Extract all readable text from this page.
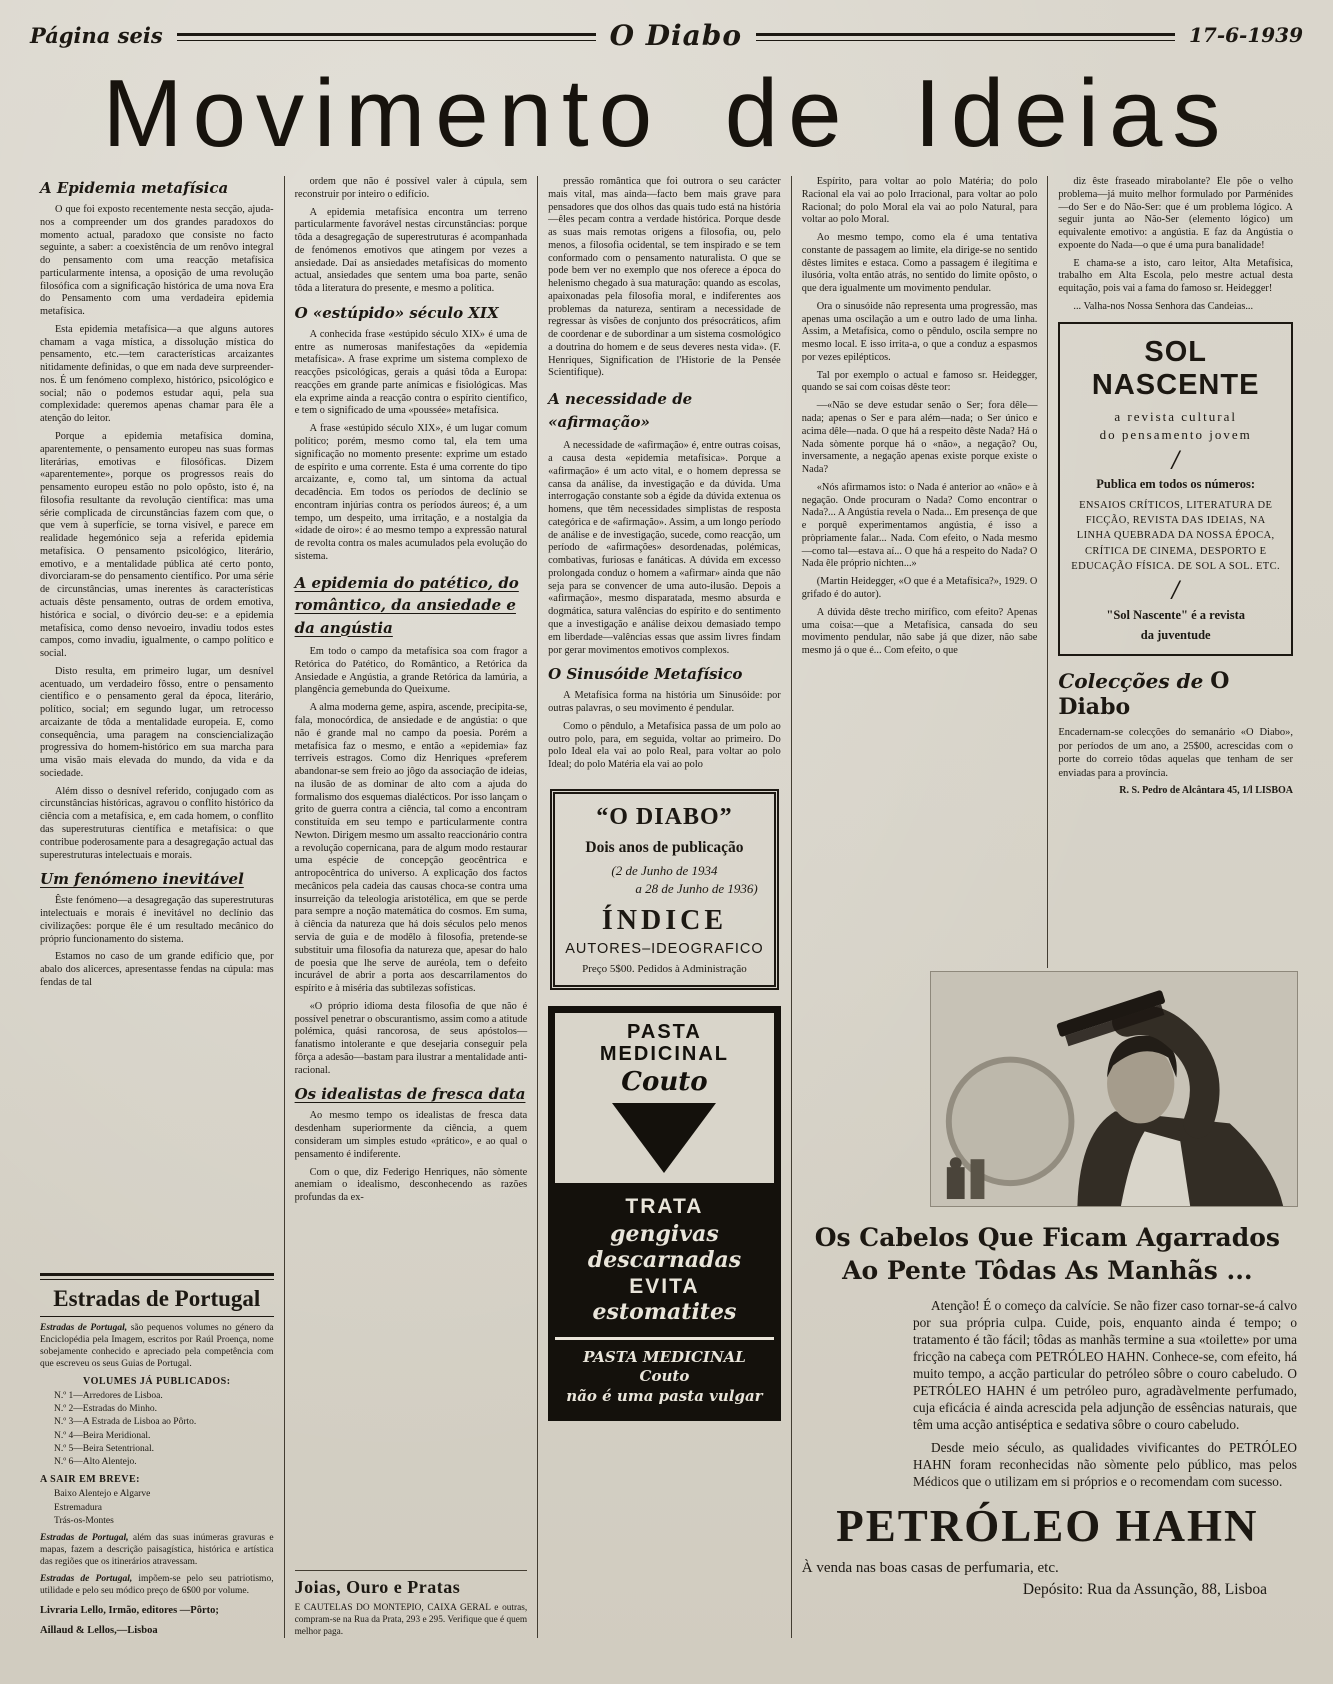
Página seis	O Diabo	17-6-1939
Movimento de Ideias
A Epidemia metafísica

O que foi exposto recentemente nesta secção, ajuda-nos a compreender um dos grandes paradoxos do momento actual, paradoxo que consiste no facto seguinte, a saber: a coexistência de um renôvo integral do pensamento com uma reacção metafísica particularmente intensa, a oposição de uma revolução filosófica com a significação histórica de uma nova Era do Pensamento com uma verdadeira epidemia metafísica.

Esta epidemia metafísica—a que alguns autores chamam a vaga mística, a dissolução mística do pensamento, etc.—tem características arcaizantes nìtidamente definidas, o que em nada deve surpreender-nos. É um fenómeno complexo, histórico, psicológico e social; não o podemos estudar aqui, pela sua complexidade: queremos apenas chamar para êle a atenção do leitor.

Porque a epidemia metafísica domina, aparentemente, o pensamento europeu nas suas formas literárias, emotivas e filosóficas. Dizem «aparentemente», porque os progressos reais do pensamento europeu estão no polo opôsto, isto é, na filosofia resultante da revolução científica: mas uma série complicada de circunstâncias fazem com que, o que vem à superfície, se torna visível, e parece em realidade hegemónico seja a referida epidemia metafísica. O pensamento psicológico, literário, emotivo, e a mentalidade pública até certo ponto, divorciaram-se do pensamento científico. Por uma série de circunstâncias, umas inerentes às características actuais dêste pensamento, outras de ordem emotiva, histórica e social, o divórcio deu-se: e a epidemia metafísica, como denso nevoeiro, invadiu todos estes campos, como invadiu, igualmente, o campo político e social.

Disto resulta, em primeiro lugar, um desnível acentuado, um verdadeiro fôsso, entre o pensamento científico e o pensamento geral da época, literário, político, social; em segundo lugar, um retrocesso arcaizante de tôda a mentalidade europeia. E, como consequência, uma paragem na consciencialização progressiva do homem-histórico em sua marcha para uma visão mais elevada do mundo, da vida e da sociedade.

Além disso o desnível referido, conjugado com as circunstâncias históricas, agravou o conflito histórico da ciência com a metafísica, e, em cada homem, o conflito das superestruturas científica e metafísica: o que contribue poderosamente para a desagregação actual das superestruturas intelectuais e morais.

Um fenómeno inevitável

Êste fenómeno—a desagregação das superestruturas intelectuais e morais é inevitável no declínio das civilizações: porque êle é um resultado mecânico do próprio funcionamento do sistema.

Estamos no caso de um grande edifício que, por abalo dos alicerces, apresentasse fendas na cúpula: mas fendas de tal

Estradas de Portugal

Estradas de Portugal, são pequenos volumes no género da Enciclopédia pela Imagem, escritos por Raúl Proença, nome sobejamente conhecido e apreciado pela competência com que escreveu os seus Guias de Portugal.

VOLUMES JÁ PUBLICADOS:

N.º 1—Arredores de Lisboa.
N.º 2—Estradas do Minho.
N.º 3—A Estrada de Lisboa ao Pôrto.
N.º 4—Beira Meridional.
N.º 5—Beira Setentrional.
N.º 6—Alto Alentejo.

A SAIR EM BREVE:

Baixo Alentejo e Algarve
Estremadura
Trás-os-Montes

Estradas de Portugal, além das suas inúmeras gravuras e mapas, fazem a descrição paisagística, histórica e artística das regiões que os itinerários atravessam.

Estradas de Portugal, impõem-se pelo seu patriotismo, utilidade e pelo seu módico preço de 6$00 por volume.

Livraria Lello, Irmão, editores —Pôrto;

Aillaud & Lellos,—Lisboa

ordem que não é possível valer à cúpula, sem reconstruir por inteiro o edifício.

A epidemia metafísica encontra um terreno particularmente favorável nestas circunstâncias: porque tôda a desagregação de superestruturas é acompanhada de fenómenos emotivos que atingem por vezes a ansiedade. Daí as ansiedades metafísicas do momento actual, ansiedades que sentem uma boa parte, senão tôda a literatura do presente, e mesmo a política.

O «estúpido» século XIX

A conhecida frase «estúpido século XIX» é uma de entre as numerosas manifestações da «epidemia metafísica». A frase exprime um sistema complexo de reacções psicológicas, gerais a quási tôda a Europa: reacções em grande parte anímicas e fisiológicas. Mas ela exprime ainda a reacção contra o espírito científico, e tem o significado de uma «poussée» metafísica.

A frase «estúpido século XIX», é um lugar comum político; porém, mesmo como tal, ela tem uma significação no momento presente: exprime um estado de espírito e uma corrente. Esta é uma corrente do tipo arcaizante, e, como tal, um sintoma da actual decadência. Em todos os períodos de declínio se encontram injúrias contra os períodos áureos; é, a um tempo, um despeito, uma irritação, e a nostalgia da «idade de oiro»: é ao mesmo tempo a expressão natural de revolta contra os males acumulados pela evolução do sistema.

A epidemia do patético, do romântico, da ansiedade e da angústia

Em todo o campo da metafísica soa com fragor a Retórica do Patético, do Romântico, a Retórica da Ansiedade e Angústia, a grande Retórica da lamúria, a plangência gemebunda do Queixume.

A alma moderna geme, aspira, ascende, precipita-se, fala, monocórdica, de ansiedade e de angústia: o que não é grande mal no campo da poesia. Porém a metafísica faz o mesmo, e então a «epidemia» faz terríveis estragos. Como diz Henriques «preferem abandonar-se sem freio ao jôgo da associação de ideias, na ilusão de as dominar de alto com a ajuda do formalismo dos esquemas dialécticos. Por isso lançam o grito de guerra contra a ciência, tal como a encontram constituída em seu tempo e particularmente contra Newton. Dirigem mesmo um assalto reaccionário contra a revolução copernicana, para de algum modo restaurar uma espécie de concepção geocêntrica e antropocêntrica do universo. A explicação dos factos mecânicos pela cadeia das causas choca-se contra uma insurreição da teleologia aristotélica, em que se perde para sempre a noção matemática do cosmos. Em suma, à ciência da natureza que há dois séculos pelo menos servia de guia e de modêlo à filosofia, pretende-se substituir uma filosofia da natureza que, apesar do halo de poesia que lhe serve de auréola, tem o defeito incurável de abrir a porta aos descarrilamentos do espírito e à miséria das subtilezas sofísticas.

«O próprio idioma desta filosofia de que não é possível penetrar o obscurantismo, assim como a atitude polémica, quási rancorosa, de seus apóstolos—fanatismo intolerante e que desejaria conseguir pela fôrça a adesão—bastam para ilustrar a mentalidade anti-racional.

Os idealistas de fresca data

Ao mesmo tempo os idealistas de fresca data desdenham superiormente da ciência, a quem consideram um simples estudo «prático», e ao qual o pensamento é indiferente.

Com o que, diz Federigo Henriques, não sòmente anemiam o idealismo, desconhecendo as razões profundas da ex-

Joias, Ouro e Pratas

E CAUTELAS DO MONTEPIO, CAIXA GERAL e outras, compram-se na Rua da Prata, 293 e 295. Verifique que é quem melhor paga.

pressão romântica que foi outrora o seu carácter mais vital, mas ainda—facto bem mais grave para pensadores que dos olhos das quais tudo está na história—êles pecam contra a verdade histórica. Porque desde as suas mais remotas origens a filosofia, ou, pelo menos, a filosofia ocidental, se tem inspirado e se tem conformado com o pensamento naturalista. O que se pode bem ver no exemplo que nos oferece a época do helenismo chegado à sua maturação: quando as escolas, apaixonadas pela filosofia moral, e indiferentes aos problemas da natureza, sentiram a necessidade de regressar às visões de conjunto dos présocráticos, afim de coordenar e de subordinar a um sistema cosmológico a doutrina do homem e de seus deveres nesta vida». (F. Henriques, Signification de l'Historie de la Pensée Scientifique).

A necessidade de «afirmação»

A necessidade de «afirmação» é, entre outras coisas, a causa desta «epidemia metafísica». Porque a «afirmação» é um acto vital, e o homem depressa se cansa da análise, da investigação e da dúvida. Uma interrogação constante sob a égide da dúvida extenua os homens, que têm necessidades simplistas de resposta categórica e de «afirmação». Assim, a um longo período de análise e de investigação, sucede, como reacção, um período de «afirmações» desordenadas, polémicas, combativas, furiosas e fanáticas. A dúvida em excesso prolongada conduz o homem a «afirmar» ainda que não seja para se convencer de uma auto-ilusão. Depois a «afirmação», mesmo disparatada, mesmo absurda e dogmática, satura valências do espírito e do sentimento que a investigação e análise deixou demasiado tempo em liberdade—valências essas que assim livres findam por gerar movimentos emotivos complexos.

O Sinusóide Metafísico

A Metafísica forma na história um Sinusóide: por outras palavras, o seu movimento é pendular.

Como o pêndulo, a Metafísica passa de um polo ao outro polo, para, em seguida, voltar ao primeiro. Do polo Ideal ela vai ao polo Real, para voltar ao polo Ideal; do polo Matéria ela vai ao polo

“O DIABO”

Dois anos de publicação

(2 de Junho de 1934

a 28 de Junho de 1936)

ÍNDICE

AUTORES–IDEOGRAFICO

Preço 5$00. Pedidos à Administração

PASTA

MEDICINAL

Couto

TRATA

gengivas descarnadas

EVITA estomatites

PASTA MEDICINAL Couto
não é uma pasta vulgar

Espírito, para voltar ao polo Matéria; do polo Racional ela vai ao polo Irracional, para voltar ao polo Racional; do polo Moral ela vai ao polo Natural, para voltar ao polo Moral.

Ao mesmo tempo, como ela é uma tentativa constante de passagem ao limite, ela dirige-se no sentido dêstes limites e estaca. Como a passagem é ilegítima e ilusória, volta então atrás, no sentido do limite opôsto, o que dera igualmente um movimento pendular.

Ora o sinusóide não representa uma progressão, mas apenas uma oscilação a um e outro lado de uma linha. Assim, a Metafísica, como o pêndulo, oscila sempre no mesmo local. E isso irrita-a, o que a conduz a espasmos por vezes epilépticos.

Tal por exemplo o actual e famoso sr. Heidegger, quando se sai com coisas dêste teor:

—«Não se deve estudar senão o Ser; fora dêle—nada; apenas o Ser e para além—nada; o Ser único e acima dêle—nada. O que há a respeito dêste Nada? Há o Nada sòmente porque há o «não», a negação? Ou, inversamente, a negação apenas existe porque existe o Nada?

«Nós afirmamos isto: o Nada é anterior ao «não» e à negação. Onde procuram o Nada? Como encontrar o Nada?... A Angústia revela o Nada... Em presença de que e porquê experimentamos angústia, é isso a pròpriamente falar... Nada. Com efeito, o Nada mesmo—como tal—estava aí... O que há a respeito do Nada? O Nada êle próprio nichten...»

(Martin Heidegger, «O que é a Metafísica?», 1929. O grifado é do autor).

A dúvida dêste trecho mirífico, com efeito? Apenas uma coisa:—que a Metafísica, cansada do seu movimento pendular, não sabe já que dizer, não sabe mesmo já o que é... Com efeito, o que

diz êste fraseado mirabolante? Êle põe o velho problema—já muito melhor formulado por Parménides—do Ser e do Não-Ser: que é um problema lógico. A seguir junta ao Não-Ser (elemento lógico) um equivalente emotivo: a angústia. E faz da Angústia o expoente do Nada—o que é uma pura banalidade!

E chama-se a isto, caro leitor, Alta Metafísica, trabalho em Alta Escola, pelo mestre actual desta equitação, pois vai a fama do famoso sr. Heidegger!

... Valha-nos Nossa Senhora das Candeias...

SOL NASCENTE

a revista cultural

do pensamento jovem

/

Publica em todos os números:

ENSAIOS CRÍTICOS, LITERATURA DE FICÇÃO, REVISTA DAS IDEIAS, NA LINHA QUEBRADA DA NOSSA ÉPOCA, CRÍTICA DE CINEMA, DESPORTO E EDUCAÇÃO FÍSICA. DE SOL A SOL. ETC.

/

"Sol Nascente" é a revista

da juventude

Colecções de O Diabo

Encadernam-se colecções do semanário «O Diabo», por períodos de um ano, a 25$00, acrescidas com o porte do correio tôdas aquelas que tenham de ser enviadas para a província.

R. S. Pedro de Alcântara 45, 1/l LISBOA

Os Cabelos Que Ficam Agarrados
Ao Pente Tôdas As Manhãs ...

Atenção! É o começo da calvície. Se não fizer caso tornar-se-á calvo por sua própria culpa. Cuide, pois, enquanto ainda é tempo; o tratamento é tão fácil; tôdas as manhãs termine a sua «toilette» por uma fricção na cabeça com PETRÓLEO HAHN. Conhece-se, com efeito, há muito tempo, a acção particular do petróleo sôbre o couro cabeludo. O PETRÓLEO HAHN é um petróleo puro, agradàvelmente perfumado, cuja eficácia é ainda acrescida pela adjunção de essências naturais, que têm uma acção antiséptica e sedativa sôbre o couro cabeludo.

Desde meio século, as qualidades vivificantes do PETRÓLEO HAHN foram reconhecidas não sòmente pelo público, mas pelos Médicos que o utilizam em si próprios e o recomendam com sucesso.

PETRÓLEO HAHN

À venda nas boas casas de perfumaria, etc.

Depósito: Rua da Assunção, 88, Lisboa
